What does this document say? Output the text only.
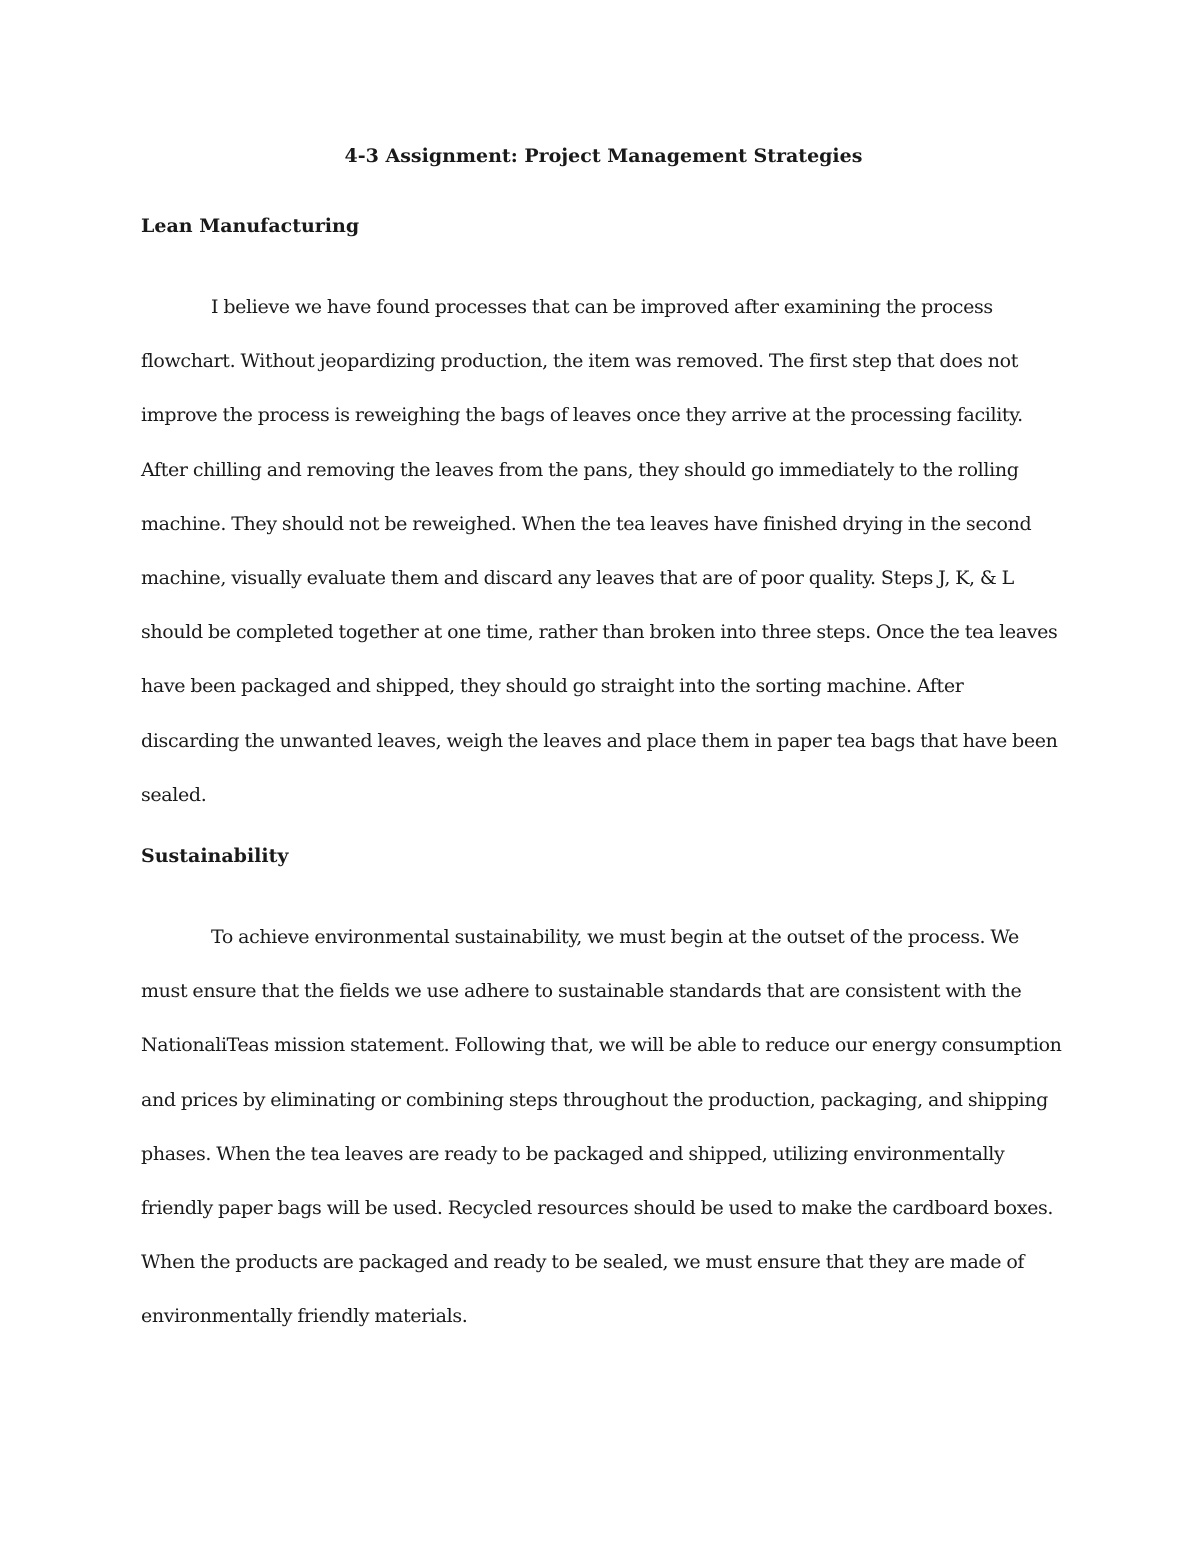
4-3 Assignment: Project Management Strategies
Lean Manufacturing

I believe we have found processes that can be improved after examining the process flowchart. Without jeopardizing production, the item was removed. The first step that does not improve the process is reweighing the bags of leaves once they arrive at the processing facility. After chilling and removing the leaves from the pans, they should go immediately to the rolling machine. They should not be reweighed. When the tea leaves have finished drying in the second machine, visually evaluate them and discard any leaves that are of poor quality. Steps J, K, & L should be completed together at one time, rather than broken into three steps. Once the tea leaves have been packaged and shipped, they should go straight into the sorting machine. After discarding the unwanted leaves, weigh the leaves and place them in paper tea bags that have been sealed.

Sustainability

To achieve environmental sustainability, we must begin at the outset of the process. We must ensure that the fields we use adhere to sustainable standards that are consistent with the NationaliTeas mission statement. Following that, we will be able to reduce our energy consumption and prices by eliminating or combining steps throughout the production, packaging, and shipping phases. When the tea leaves are ready to be packaged and shipped, utilizing environmentally friendly paper bags will be used. Recycled resources should be used to make the cardboard boxes. When the products are packaged and ready to be sealed, we must ensure that they are made of environmentally friendly materials.
